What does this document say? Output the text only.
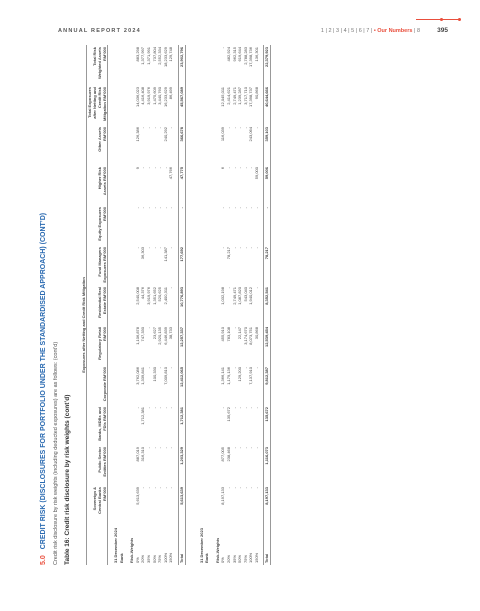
ANNUAL REPORT 2024	1 | 2 | 3 | 4 | 5 | 6 | 7 | • Our Numbers | 8	395
5.0CREDIT RISK (DISCLOSURES FOR PORTFOLIO UNDER THE STANDARDISED APPROACH) (CONT’D) Credit risk disclosure by risk weights (including deducted exposures) are as follows: (cont’d) Table 16: Credit risk disclosure by risk weights (cont’d)
	Exposures after Netting and Credit Risk Mitigation											
	Sovereign & Central Banks RM’000	Public Sector Entities RM’000	Banks, MDBs and FDIs RM’000	Corporate RM’000	Regulatory Retail RM’000	Residential Real Estate RM’000	Fund Managers Exposures RM’000	Equity Exposures RM’000	Higher Risk Assets RM’000	Other Assets RM’000	Total Exposures after Netting and Credit Risk Mitigation RM’000	Total Risk Weighted Assets RM’000
31 December 2024												
Bank												
Risk-Weights												
0%	5,613,639	887,019	-	3,762,086	1,106,878	2,540,008	-	-	9	126,386	14,036,023	883,298
20%	-	316,310	1,712,381	1,339,841	747,330	44,376	36,303	-	-	-	4,416,408	1,377,997
35%	-	-	-	-	-	3,919,976	-	-	-	-	3,919,976	1,371,991
50%	-	-	-	100,330	23,627	1,351,652	-	-	-	-	1,475,609	737,804
75%	-	-	-	-	2,920,135	520,625	-	-	-	-	3,440,760	2,552,334
100%	-	-	-	7,009,810	6,446,839	2,400,311	141,387	-	-	240,292	16,233,629	18,233,629
150%	-	-	-	-	38,733	-	-	-	47,766	-	86,499	129,748

Total	5,613,639	1,203,329	1,712,381	12,412,065	12,257,337	10,776,893	177,692	-	47,775	366,678	45,567,089	23,902,796

31 December 2023												
Bank												
Risk-Weights												
0%	8,197,133	877,005	-	1,366,141	455,910	1,032,198	-	-	6	116,039	12,045,011	-
20%	-	238,468	135,672	1,179,136	783,108	-	78,217	-	-	-	2,414,621	482,924
35%	-	-	-	-	-	2,749,471	-	-	-	-	2,749,471	962,315
50%	-	-	-	129,200	22,147	1,087,820	-	-	-	-	1,239,287	619,644
75%	-	-	-	-	3,174,670	543,040	-	-	-	-	3,717,710	2,788,283
100%	-	-	-	7,137,910	8,073,751	1,940,012	-	-	-	243,064	17,398,737	17,398,736
150%	-	-	-	-	30,868	-	-	-	59,000	-	90,868	136,301

Total	8,197,133	1,116,073	135,672	9,812,387	12,539,454	8,352,541	78,217	-	59,006	359,103	40,644,666	22,379,923
